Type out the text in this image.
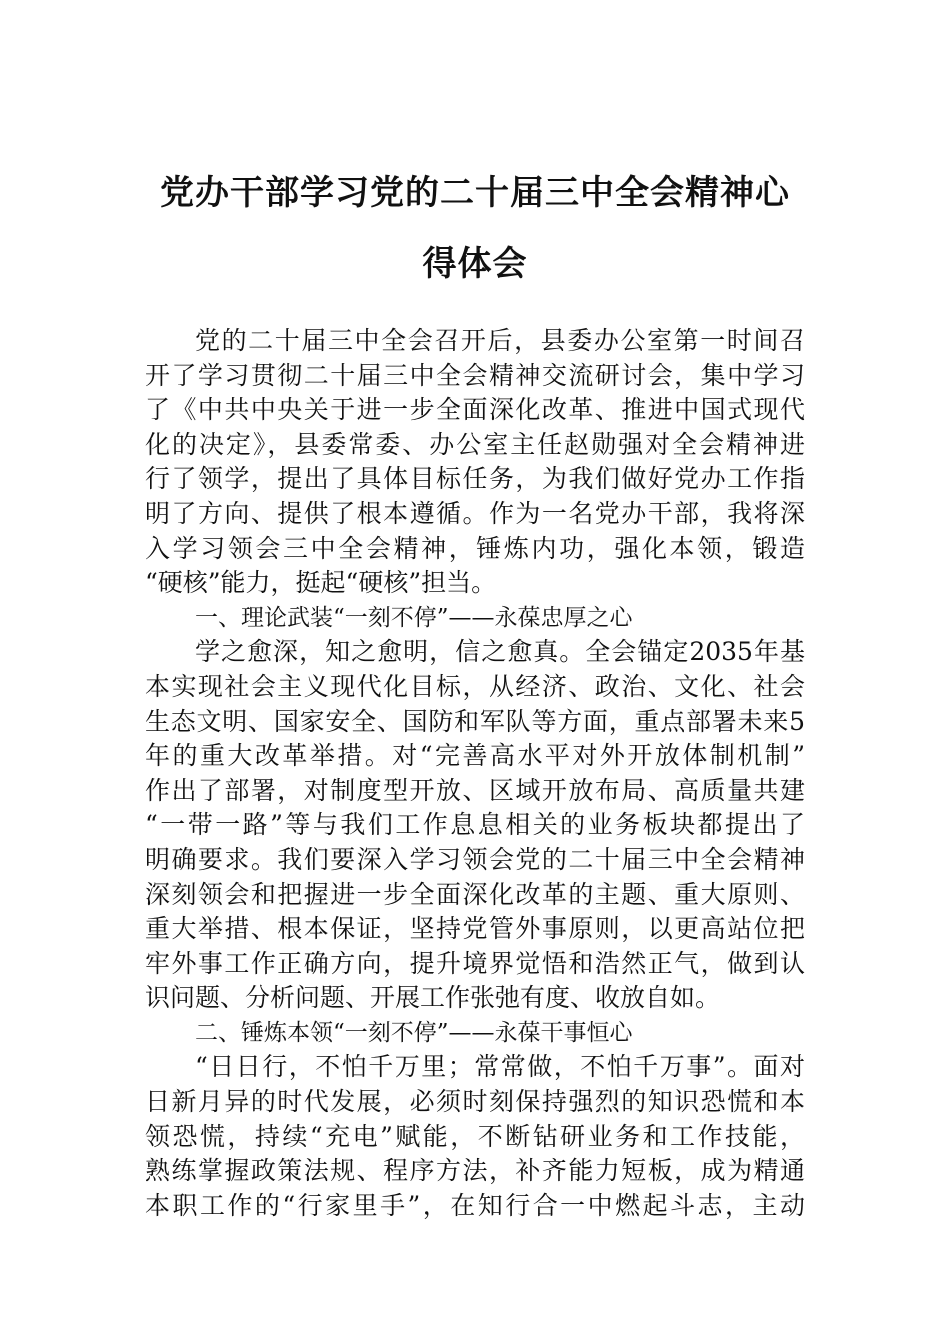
党办干部学习党的二十届三中全会精神心
得体会
党的二十届三中全会召开后，县委办公室第一时间召
开了学习贯彻二十届三中全会精神交流研讨会，集中学习
了《中共中央关于进一步全面深化改革、推进中国式现代
化的决定》，县委常委、办公室主任赵勋强对全会精神进
行了领学，提出了具体目标任务，为我们做好党办工作指
明了方向、提供了根本遵循。作为一名党办干部，我将深
入学习领会三中全会精神，锤炼内功，强化本领，锻造
“硬核”能力，挺起“硬核”担当。
一、理论武装“一刻不停”——永葆忠厚之心
学之愈深，知之愈明，信之愈真。全会锚定2035年基
本实现社会主义现代化目标，从经济、政治、文化、社会
生态文明、国家安全、国防和军队等方面，重点部署未来5
年的重大改革举措。对“完善高水平对外开放体制机制”
作出了部署，对制度型开放、区域开放布局、高质量共建
“一带一路”等与我们工作息息相关的业务板块都提出了
明确要求。我们要深入学习领会党的二十届三中全会精神
深刻领会和把握进一步全面深化改革的主题、重大原则、
重大举措、根本保证，坚持党管外事原则，以更高站位把
牢外事工作正确方向，提升境界觉悟和浩然正气，做到认
识问题、分析问题、开展工作张弛有度、收放自如。
二、锤炼本领“一刻不停”——永葆干事恒心
“日日行，不怕千万里；常常做，不怕千万事”。面对
日新月异的时代发展，必须时刻保持强烈的知识恐慌和本
领恐慌，持续“充电”赋能，不断钻研业务和工作技能，
熟练掌握政策法规、程序方法，补齐能力短板，成为精通
本职工作的“行家里手”，在知行合一中燃起斗志，主动
